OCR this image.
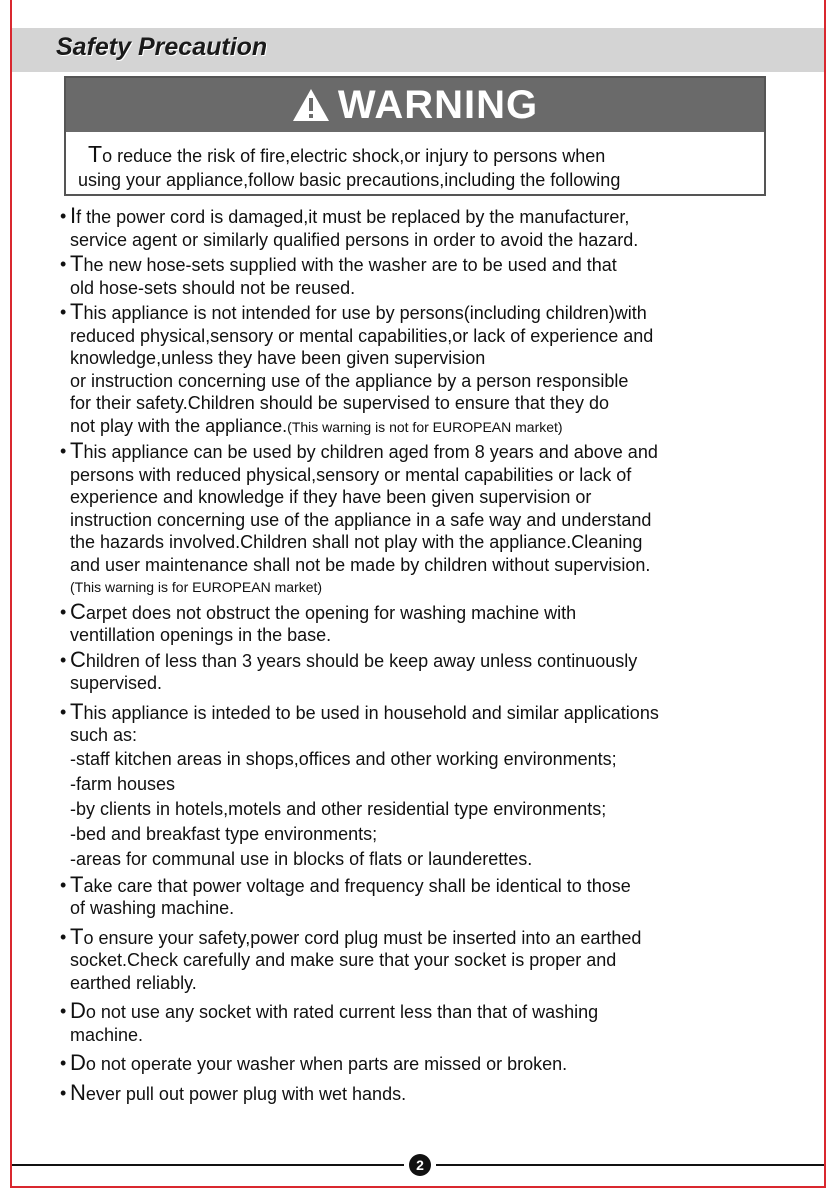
Safety Precaution
WARNING
To reduce the risk of fire,electric shock,or injury to persons when
using your appliance,follow basic precautions,including the following
• If the power cord is damaged,it must be replaced by the manufacturer,
service agent or similarly qualified persons in order to avoid the hazard.
• The new hose-sets supplied with the washer are to be used and that
old hose-sets should not be reused.
• This appliance is not intended for use by persons(including children)with
reduced physical,sensory or mental capabilities,or lack of experience and
knowledge,unless they have been given supervision
or instruction concerning use of the appliance by a person responsible
for their safety.Children should be supervised to ensure that they do
not play with the appliance.(This warning is not for EUROPEAN market)
• This appliance can be used by children aged from 8 years and above and
persons with reduced physical,sensory or mental capabilities or lack of
experience and knowledge if they have been given supervision or
instruction concerning use of the appliance in a safe way and understand
the hazards involved.Children shall not play with the appliance.Cleaning
and user maintenance shall not be made by children without supervision.
(This warning is for EUROPEAN market)
• Carpet does not obstruct the opening for washing machine with
ventillation openings in the base.
• Children of less than 3 years should be keep away unless continuously
supervised.
• This appliance is inteded to be used in household and similar applications
such as:
-staff kitchen areas in shops,offices and other working environments;
-farm houses
-by clients in hotels,motels and other residential type environments;
-bed and breakfast type environments;
-areas for communal use in blocks of flats or launderettes.
• Take care that power voltage and frequency shall be identical to those
of washing machine.
• To ensure your safety,power cord plug must be inserted into an earthed
socket.Check carefully and make sure that your socket is proper and
earthed reliably.
• Do not use any socket with rated current less than that of washing
machine.
• Do not operate your washer when parts are missed or broken.
• Never pull out power plug with wet hands.
2
